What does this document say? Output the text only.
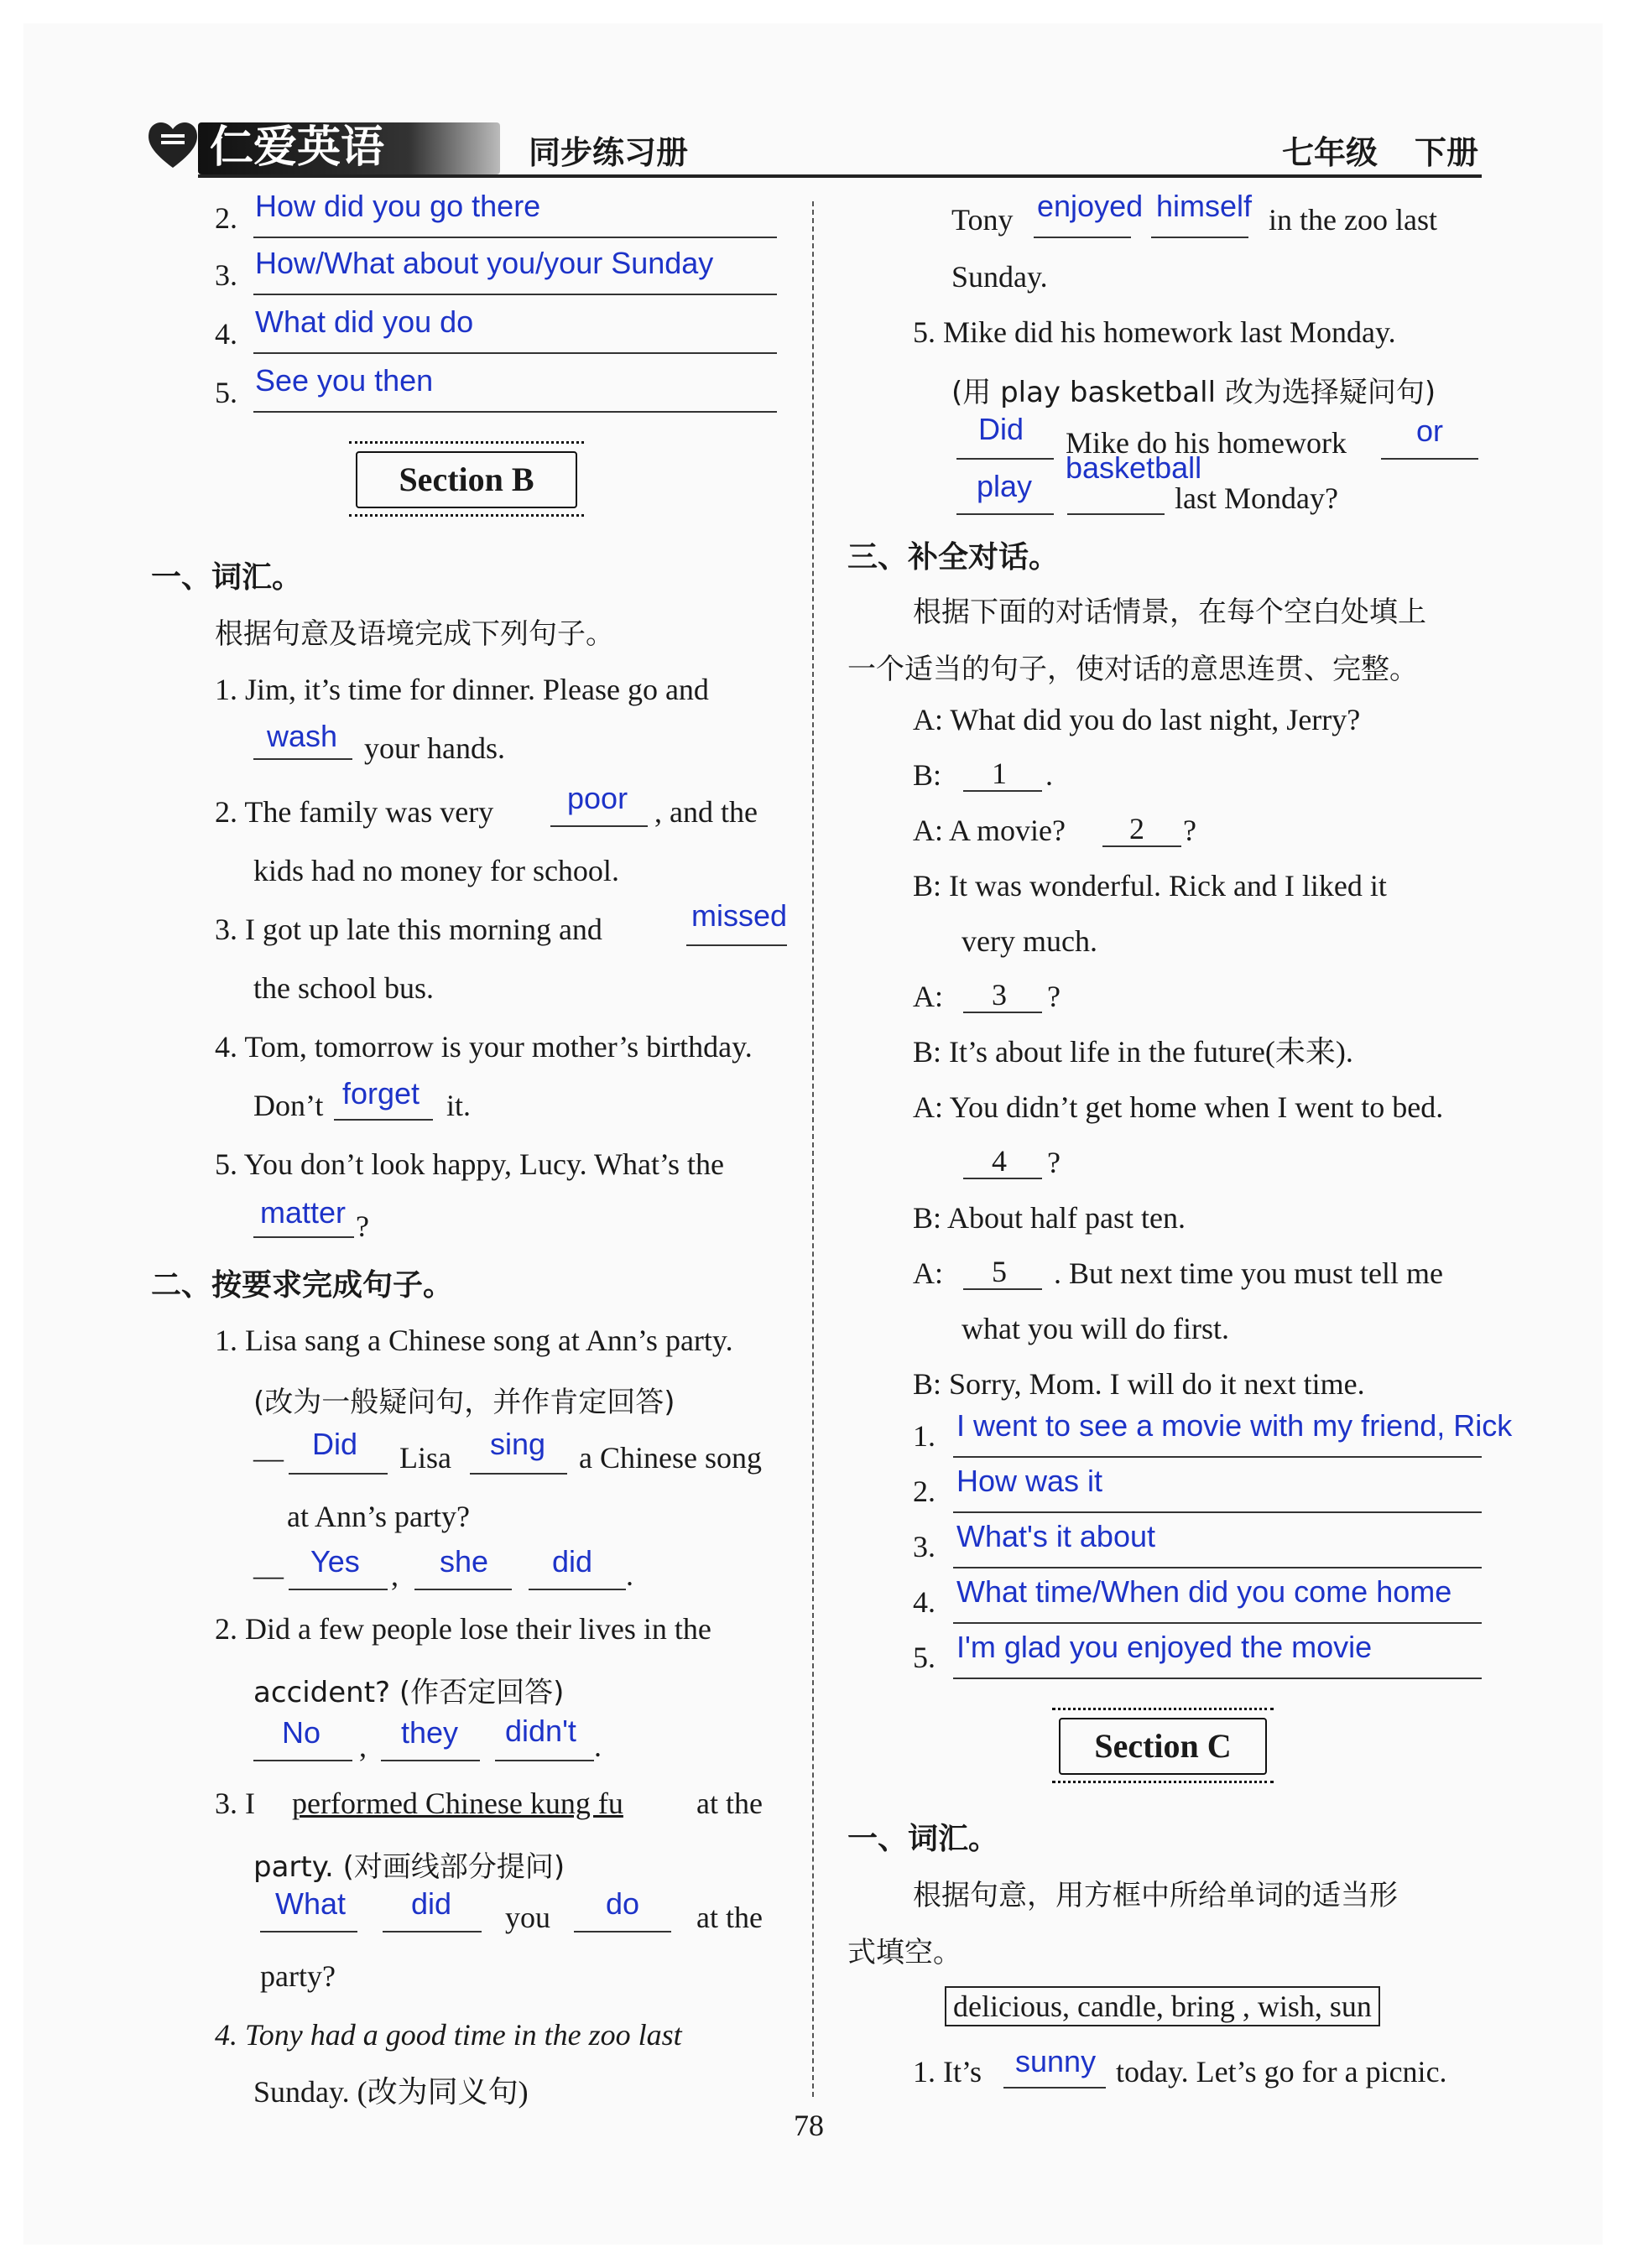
仁爱英语	同步练习册	七年级 下册
2. How did you go there
3. How/What about you/your Sunday
4. What did you do
5. See you then
Section B
一、词汇。
根据句意及语境完成下列句子。
1. Jim, it’s time for dinner. Please go and
wash your hands.
2. The family was very poor , and the
kids had no money for school.
3. I got up late this morning and	missed
the school bus.
4. Tom, tomorrow is your mother’s birthday.
Don’t forget it.
5. You don’t look happy, Lucy. What’s the
matter ?
二、按要求完成句子。
1. Lisa sang a Chinese song at Ann’s party.
(改为一般疑问句，并作肯定回答)
— Did Lisa sing a Chinese song
at Ann’s party?
— Yes , she did .
2. Did a few people lose their lives in the
accident? (作否定回答)
No , they didn't .
3. I performed Chinese kung fu at the
party. (对画线部分提问)
What did you do at the
party?
4. Tony had a good time in the zoo last
Sunday. (改为同义句)
Tony enjoyed himself in the zoo last
Sunday.
5. Mike did his homework last Monday.
(用 play basketball 改为选择疑问句)
Did Mike do his homework or
play
basketball
last Monday?
三、补全对话。
根据下面的对话情景，在每个空白处填上
一个适当的句子，使对话的意思连贯、完整。
A: What did you do last night, Jerry?
B: 1 .
A: A movie? 2 ?
B: It was wonderful. Rick and I liked it
very much.
A: 3 ?
B: It’s about life in the future(未来).
A: You didn’t get home when I went to bed.
4 ?
B: About half past ten.
A: 5 . But next time you must tell me
what you will do first.
B: Sorry, Mom. I will do it next time.
1. I went to see a movie with my friend, Rick
2. How was it
3. What's it about
4. What time/When did you come home
5. I'm glad you enjoyed the movie
Section C
一、词汇。
根据句意，用方框中所给单词的适当形
式填空。
delicious, candle, bring , wish, sun
1. It’s sunny today. Let’s go for a picnic.
78
